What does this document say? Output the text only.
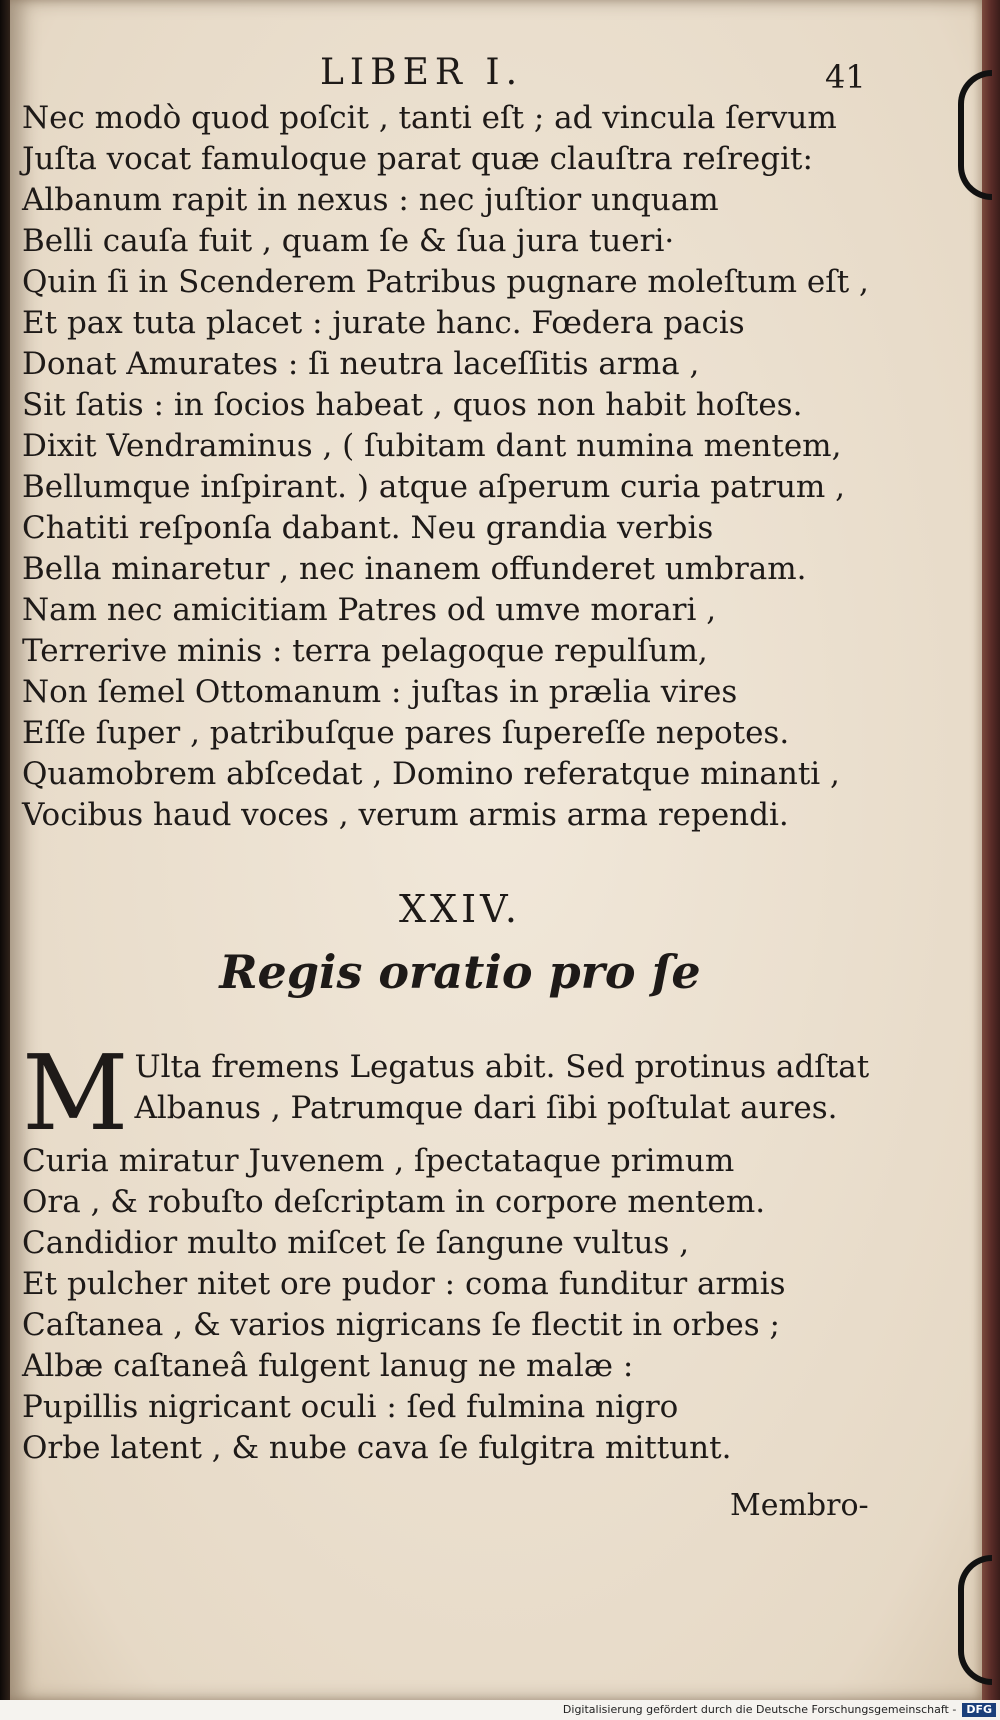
LIBER I.	41
Nec modò quod poſcit , tanti eſt ; ad vincula ſervum
Juſta vocat famuloque parat quæ clauſtra reſregit:
Albanum rapit in nexus : nec juſtior unquam
Belli cauſa fuit , quam ſe & ſua jura tueri·
Quin ſi in Scenderem Patribus pugnare moleſtum eſt ,
Et pax tuta placet : jurate hanc. Fœdera pacis
Donat Amurates : ſi neutra laceſſitis arma ,
Sit ſatis : in ſocios habeat , quos non habit hoſtes.
Dixit Vendraminus , ( ſubitam dant numina mentem,
Bellumque inſpirant. ) atque aſperum curia patrum ,
Chatiti reſponſa dabant. Neu grandia verbis
Bella minaretur , nec inanem offunderet umbram.
Nam nec amicitiam Patres od umve morari ,
Terrerive minis : terra pelagoque repulſum,
Non ſemel Ottomanum : juſtas in prælia vires
Eſſe ſuper , patribuſque pares ſupereſſe nepotes.
Quamobrem abſcedat , Domino referatque minanti ,
Vocibus haud voces , verum armis arma rependi.
XXIV.
Regis oratio pro ſe
M Ulta fremens Legatus abit. Sed protinus adſtat
Albanus , Patrumque dari ſibi poſtulat aures.
Curia miratur Juvenem , ſpectataque primum
Ora , & robuſto deſcriptam in corpore mentem.
Candidior multo miſcet ſe ſangune vultus ,
Et pulcher nitet ore pudor : coma funditur armis
Caſtanea , & varios nigricans ſe flectit in orbes ;
Albæ caſtaneâ fulgent lanug ne malæ :
Pupillis nigricant oculi : ſed fulmina nigro
Orbe latent , & nube cava ſe fulgitra mittunt.
Membro-
Digitalisierung gefördert durch die Deutsche Forschungsgemeinschaft - DFG
